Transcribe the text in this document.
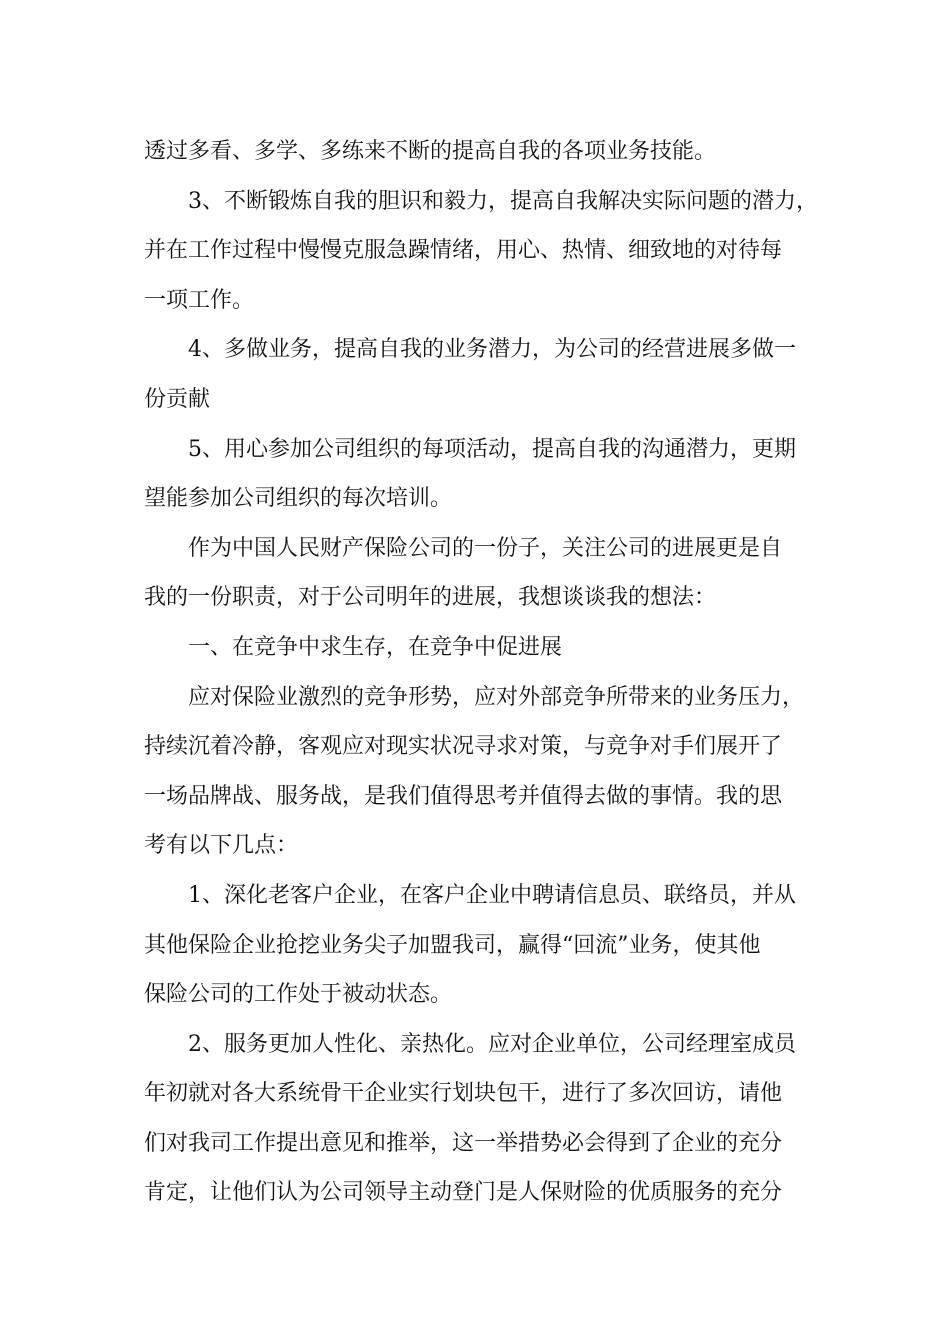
透过多看、多学、多练来不断的提高自我的各项业务技能。
3、不断锻炼自我的胆识和毅力，提高自我解决实际问题的潜力，
并在工作过程中慢慢克服急躁情绪，用心、热情、细致地的对待每
一项工作。
4、多做业务，提高自我的业务潜力，为公司的经营进展多做一
份贡献
5、用心参加公司组织的每项活动，提高自我的沟通潜力，更期
望能参加公司组织的每次培训。
作为中国人民财产保险公司的一份子，关注公司的进展更是自
我的一份职责，对于公司明年的进展，我想谈谈我的想法：
一、在竞争中求生存，在竞争中促进展
应对保险业激烈的竞争形势，应对外部竞争所带来的业务压力，
持续沉着冷静，客观应对现实状况寻求对策，与竞争对手们展开了
一场品牌战、服务战，是我们值得思考并值得去做的事情。我的思
考有以下几点：
1、深化老客户企业，在客户企业中聘请信息员、联络员，并从
其他保险企业抢挖业务尖子加盟我司，赢得“回流”业务，使其他
保险公司的工作处于被动状态。
2、服务更加人性化、亲热化。应对企业单位，公司经理室成员
年初就对各大系统骨干企业实行划块包干，进行了多次回访，请他
们对我司工作提出意见和推举，这一举措势必会得到了企业的充分
肯定，让他们认为公司领导主动登门是人保财险的优质服务的充分
